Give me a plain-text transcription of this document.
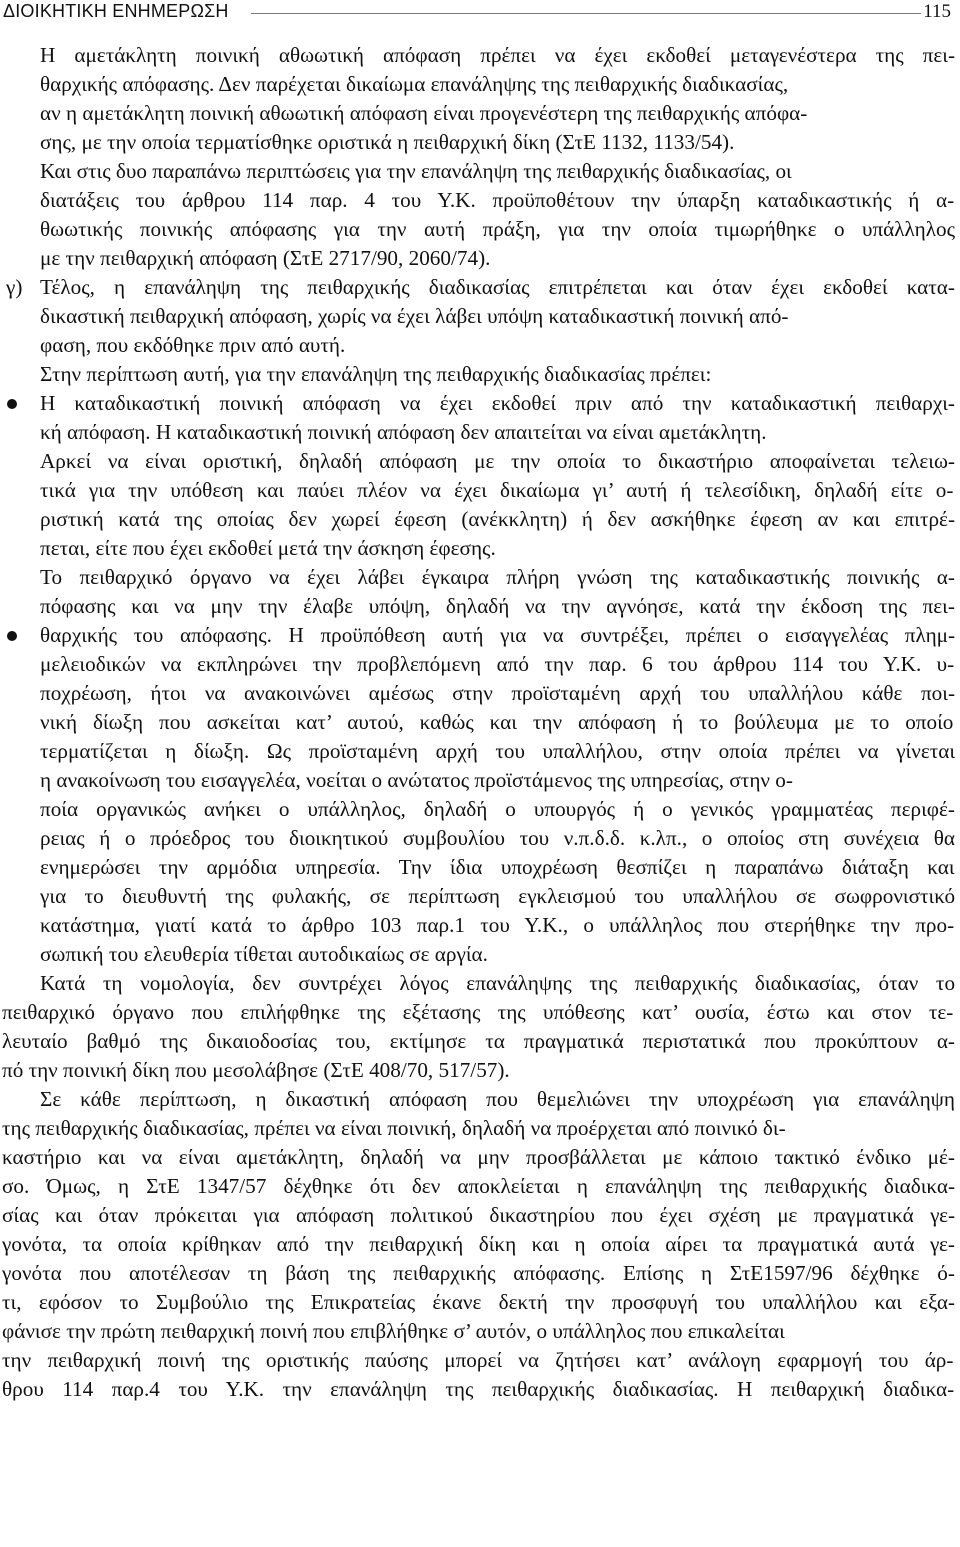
ΔΙΟΙΚΗΤΙΚΗ ΕΝΗΜΕΡΩΣΗ	115
γ)
Η αμετάκλητη ποινική αθωωτική απόφαση πρέπει να έχει εκδοθεί μεταγενέστερα της πει-
θαρχικής απόφασης. Δεν παρέχεται δικαίωμα επανάληψης της πειθαρχικής διαδικασίας,
αν η αμετάκλητη ποινική αθωωτική απόφαση είναι προγενέστερη της πειθαρχικής απόφα-
σης, με την οποία τερματίσθηκε οριστικά η πειθαρχική δίκη (ΣτΕ 1132, 1133/54).
Και στις δυο παραπάνω περιπτώσεις για την επανάληψη της πειθαρχικής διαδικασίας, οι
διατάξεις του άρθρου 114 παρ. 4 του Υ.Κ. προϋποθέτουν την ύπαρξη καταδικαστικής ή α-
θωωτικής ποινικής απόφασης για την αυτή πράξη, για την οποία τιμωρήθηκε ο υπάλληλος
με την πειθαρχική απόφαση (ΣτΕ 2717/90, 2060/74).
Τέλος, η επανάληψη της πειθαρχικής διαδικασίας επιτρέπεται και όταν έχει εκδοθεί κατα-
δικαστική πειθαρχική απόφαση, χωρίς να έχει λάβει υπόψη καταδικαστική ποινική από-
φαση, που εκδόθηκε πριν από αυτή.
Στην περίπτωση αυτή, για την επανάληψη της πειθαρχικής διαδικασίας πρέπει:
Η καταδικαστική ποινική απόφαση να έχει εκδοθεί πριν από την καταδικαστική πειθαρχι-
κή απόφαση. Η καταδικαστική ποινική απόφαση δεν απαιτείται να είναι αμετάκλητη.
Αρκεί να είναι οριστική, δηλαδή απόφαση με την οποία το δικαστήριο αποφαίνεται τελειω-
τικά για την υπόθεση και παύει πλέον να έχει δικαίωμα γι’ αυτή ή τελεσίδικη, δηλαδή είτε ο-
ριστική κατά της οποίας δεν χωρεί έφεση (ανέκκλητη) ή δεν ασκήθηκε έφεση αν και επιτρέ-
πεται, είτε που έχει εκδοθεί μετά την άσκηση έφεσης.
Το πειθαρχικό όργανο να έχει λάβει έγκαιρα πλήρη γνώση της καταδικαστικής ποινικής α-
πόφασης και να μην την έλαβε υπόψη, δηλαδή να την αγνόησε, κατά την έκδοση της πει-
θαρχικής του απόφασης. Η προϋπόθεση αυτή για να συντρέξει, πρέπει ο εισαγγελέας πλημ-
μελειοδικών να εκπληρώνει την προβλεπόμενη από την παρ. 6 του άρθρου 114 του Υ.Κ. υ-
ποχρέωση, ήτοι να ανακοινώνει αμέσως στην προϊσταμένη αρχή του υπαλλήλου κάθε ποι-
νική δίωξη που ασκείται κατ’ αυτού, καθώς και την απόφαση ή το βούλευμα με το οποίο
τερματίζεται η δίωξη. Ως προϊσταμένη αρχή του υπαλλήλου, στην οποία πρέπει να γίνεται
η ανακοίνωση του εισαγγελέα, νοείται ο ανώτατος προϊστάμενος της υπηρεσίας, στην ο-
ποία οργανικώς ανήκει ο υπάλληλος, δηλαδή ο υπουργός ή ο γενικός γραμματέας περιφέ-
ρειας ή ο πρόεδρος του διοικητικού συμβουλίου του ν.π.δ.δ. κ.λπ., ο οποίος στη συνέχεια θα
ενημερώσει την αρμόδια υπηρεσία. Την ίδια υποχρέωση θεσπίζει η παραπάνω διάταξη και
για το διευθυντή της φυλακής, σε περίπτωση εγκλεισμού του υπαλλήλου σε σωφρονιστικό
κατάστημα, γιατί κατά το άρθρο 103 παρ.1 του Υ.Κ., ο υπάλληλος που στερήθηκε την προ-
σωπική του ελευθερία τίθεται αυτοδικαίως σε αργία.
Κατά τη νομολογία, δεν συντρέχει λόγος επανάληψης της πειθαρχικής διαδικασίας, όταν το
πειθαρχικό όργανο που επιλήφθηκε της εξέτασης της υπόθεσης κατ’ ουσία, έστω και στον τε-
λευταίο βαθμό της δικαιοδοσίας του, εκτίμησε τα πραγματικά περιστατικά που προκύπτουν α-
πό την ποινική δίκη που μεσολάβησε (ΣτΕ 408/70, 517/57).
Σε κάθε περίπτωση, η δικαστική απόφαση που θεμελιώνει την υποχρέωση για επανάληψη
της πειθαρχικής διαδικασίας, πρέπει να είναι ποινική, δηλαδή να προέρχεται από ποινικό δι-
καστήριο και να είναι αμετάκλητη, δηλαδή να μην προσβάλλεται με κάποιο τακτικό ένδικο μέ-
σο. Όμως, η ΣτΕ 1347/57 δέχθηκε ότι δεν αποκλείεται η επανάληψη της πειθαρχικής διαδικα-
σίας και όταν πρόκειται για απόφαση πολιτικού δικαστηρίου που έχει σχέση με πραγματικά γε-
γονότα, τα οποία κρίθηκαν από την πειθαρχική δίκη και η οποία αίρει τα πραγματικά αυτά γε-
γονότα που αποτέλεσαν τη βάση της πειθαρχικής απόφασης. Επίσης η ΣτΕ1597/96 δέχθηκε ό-
τι, εφόσον το Συμβούλιο της Επικρατείας έκανε δεκτή την προσφυγή του υπαλλήλου και εξα-
φάνισε την πρώτη πειθαρχική ποινή που επιβλήθηκε σ’ αυτόν, ο υπάλληλος που επικαλείται
την πειθαρχική ποινή της οριστικής παύσης μπορεί να ζητήσει κατ’ ανάλογη εφαρμογή του άρ-
θρου 114 παρ.4 του Υ.Κ. την επανάληψη της πειθαρχικής διαδικασίας. Η πειθαρχική διαδικα-
